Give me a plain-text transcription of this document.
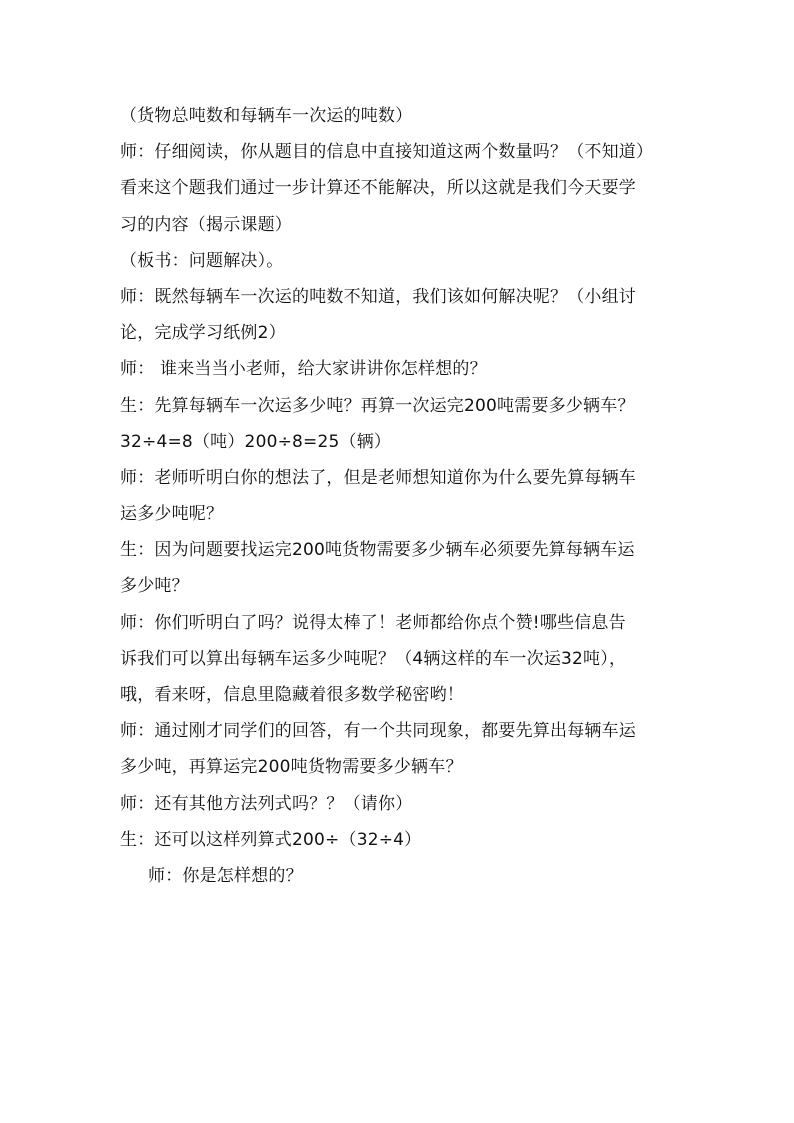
（货物总吨数和每辆车一次运的吨数）
师：仔细阅读，你从题目的信息中直接知道这两个数量吗？（不知道）
看来这个题我们通过一步计算还不能解决，所以这就是我们今天要学
习的内容（揭示课题）
（板书：问题解决）。
师：既然每辆车一次运的吨数不知道，我们该如何解决呢？（小组讨
论，完成学习纸例2）
师： 谁来当当小老师，给大家讲讲你怎样想的？
生：先算每辆车一次运多少吨？再算一次运完200吨需要多少辆车？
32÷4=8（吨）200÷8=25（辆）
师：老师听明白你的想法了，但是老师想知道你为什么要先算每辆车
运多少吨呢？
生：因为问题要找运完200吨货物需要多少辆车必须要先算每辆车运
多少吨？
师：你们听明白了吗？说得太棒了！老师都给你点个赞!哪些信息告
诉我们可以算出每辆车运多少吨呢？（4辆这样的车一次运32吨），
哦，看来呀，信息里隐藏着很多数学秘密哟！
师：通过刚才同学们的回答，有一个共同现象，都要先算出每辆车运
多少吨，再算运完200吨货物需要多少辆车？
师：还有其他方法列式吗？？（请你）
生：还可以这样列算式200÷（32÷4）
师：你是怎样想的？
